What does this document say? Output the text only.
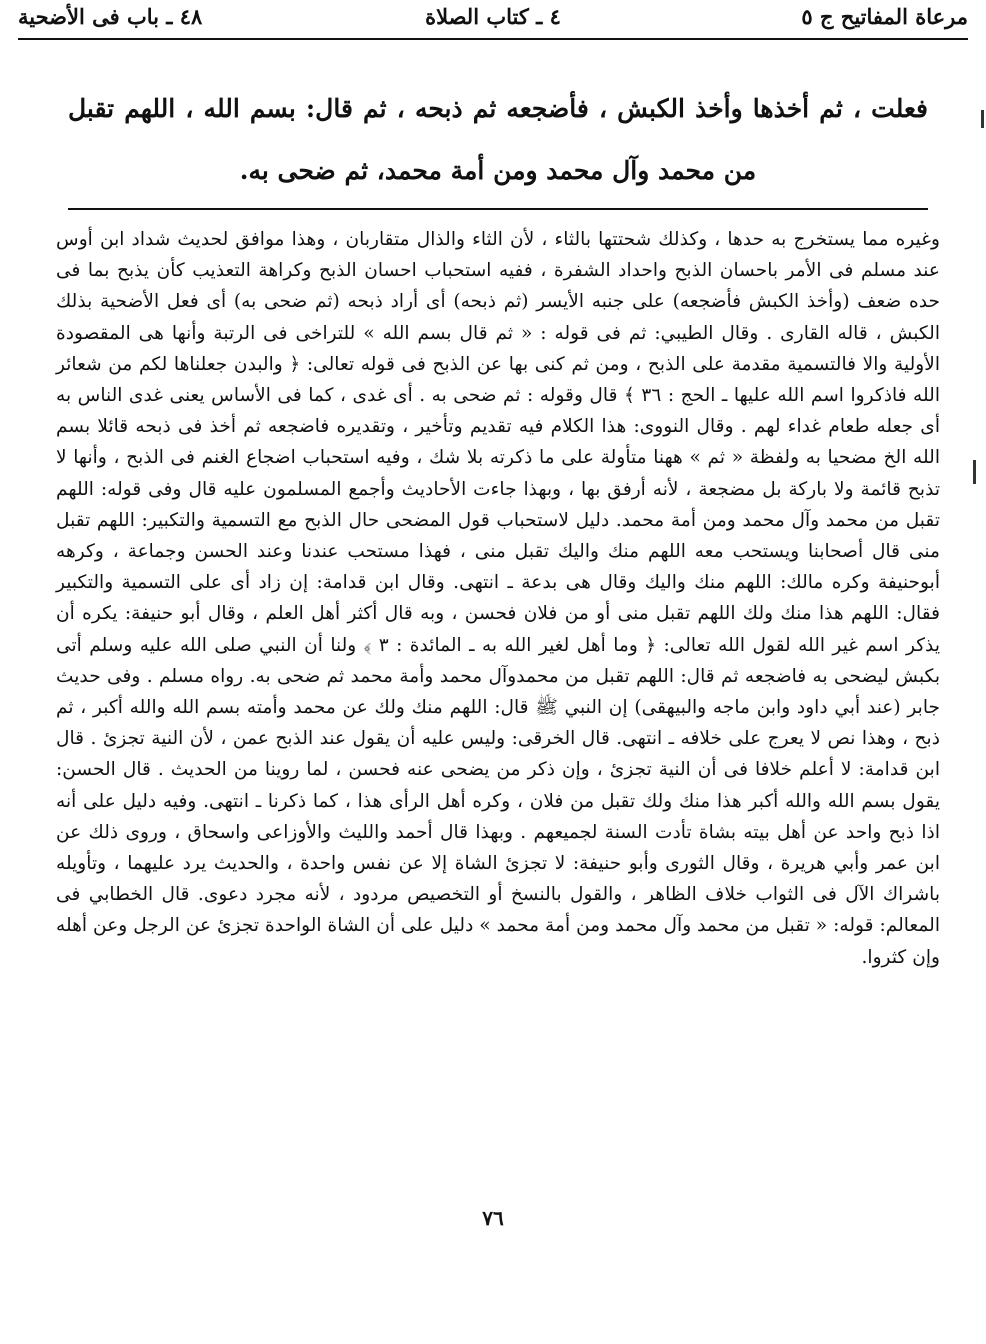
مرعاة المفاتيح ج ٥
٤ ـ كتاب الصلاة
٤٨ ـ باب فى الأضحية
فعلت ، ثم أخذها وأخذ الكبش ، فأضجعه ثم ذبحه ، ثم قال: بسم الله ، اللهم تقبل من محمد وآل محمد ومن أمة محمد، ثم ضحى به.

وغيره مما يستخرج به حدها ، وكذلك شحتتها بالثاء ، لأن الثاء والذال متقاربان ، وهذا موافق لحديث شداد ابن أوس عند مسلم فى الأمر باحسان الذبح واحداد الشفرة ، ففيه استحباب احسان الذبح وكراهة التعذيب كأن يذبح بما فى حده ضعف (وأخذ الكبش فأضجعه) على جنبه الأيسر (ثم ذبحه) أى أراد ذبحه (ثم ضحى به) أى فعل الأضحية بذلك الكبش ، قاله القارى . وقال الطيبي: ثم فى قوله : « ثم قال بسم الله » للتراخى فى الرتبة وأنها هى المقصودة الأولية والا فالتسمية مقدمة على الذبح ، ومن ثم كنى بها عن الذبح فى قوله تعالى: ﴿ والبدن جعلناها لكم من شعائر الله فاذكروا اسم الله عليها ـ الحج : ٣٦ ﴾ قال وقوله : ثم ضحى به . أى غدى ، كما فى الأساس يعنى غدى الناس به أى جعله طعام غداء لهم . وقال النووى: هذا الكلام فيه تقديم وتأخير ، وتقديره فاضجعه ثم أخذ فى ذبحه قائلا بسم الله الخ مضحيا به ولفظة « ثم » ههنا متأولة على ما ذكرته بلا شك ، وفيه استحباب اضجاع الغنم فى الذبح ، وأنها لا تذبح قائمة ولا باركة بل مضجعة ، لأنه أرفق بها ، وبهذا جاءت الأحاديث وأجمع المسلمون عليه قال وفى قوله: اللهم تقبل من محمد وآل محمد ومن أمة محمد. دليل لاستحباب قول المضحى حال الذبح مع التسمية والتكبير: اللهم تقبل منى قال أصحابنا ويستحب معه اللهم منك واليك تقبل منى ، فهذا مستحب عندنا وعند الحسن وجماعة ، وكرهه أبوحنيفة وكره مالك: اللهم منك واليك وقال هى بدعة ـ انتهى. وقال ابن قدامة: إن زاد أى على التسمية والتكبير فقال: اللهم هذا منك ولك اللهم تقبل منى أو من فلان فحسن ، وبه قال أكثر أهل العلم ، وقال أبو حنيفة: يكره أن يذكر اسم غير الله لقول الله تعالى: ﴿ وما أهل لغير الله به ـ المائدة : ٣ ﴾ ولنا أن النبي صلى الله عليه وسلم أتى بكبش ليضحى به فاضجعه ثم قال: اللهم تقبل من محمدوآل محمد وأمة محمد ثم ضحى به. رواه مسلم . وفى حديث جابر (عند أبي داود وابن ماجه والبيهقى) إن النبي ﷺ قال: اللهم منك ولك عن محمد وأمته بسم الله والله أكبر ، ثم ذبح ، وهذا نص لا يعرج على خلافه ـ انتهى. قال الخرقى: وليس عليه أن يقول عند الذبح عمن ، لأن النية تجزئ . قال ابن قدامة: لا أعلم خلافا فى أن النية تجزئ ، وإن ذكر من يضحى عنه فحسن ، لما روينا من الحديث . قال الحسن: يقول بسم الله والله أكبر هذا منك ولك تقبل من فلان ، وكره أهل الرأى هذا ، كما ذكرنا ـ انتهى. وفيه دليل على أنه اذا ذبح واحد عن أهل بيته بشاة تأدت السنة لجميعهم . وبهذا قال أحمد والليث والأوزاعى واسحاق ، وروى ذلك عن ابن عمر وأبي هريرة ، وقال الثورى وأبو حنيفة: لا تجزئ الشاة إلا عن نفس واحدة ، والحديث يرد عليهما ، وتأويله باشراك الآل فى الثواب خلاف الظاهر ، والقول بالنسخ أو التخصيص مردود ، لأنه مجرد دعوى. قال الخطابي فى المعالم: قوله: « تقبل من محمد وآل محمد ومن أمة محمد » دليل على أن الشاة الواحدة تجزئ عن الرجل وعن أهله وإن كثروا.

٧٦
